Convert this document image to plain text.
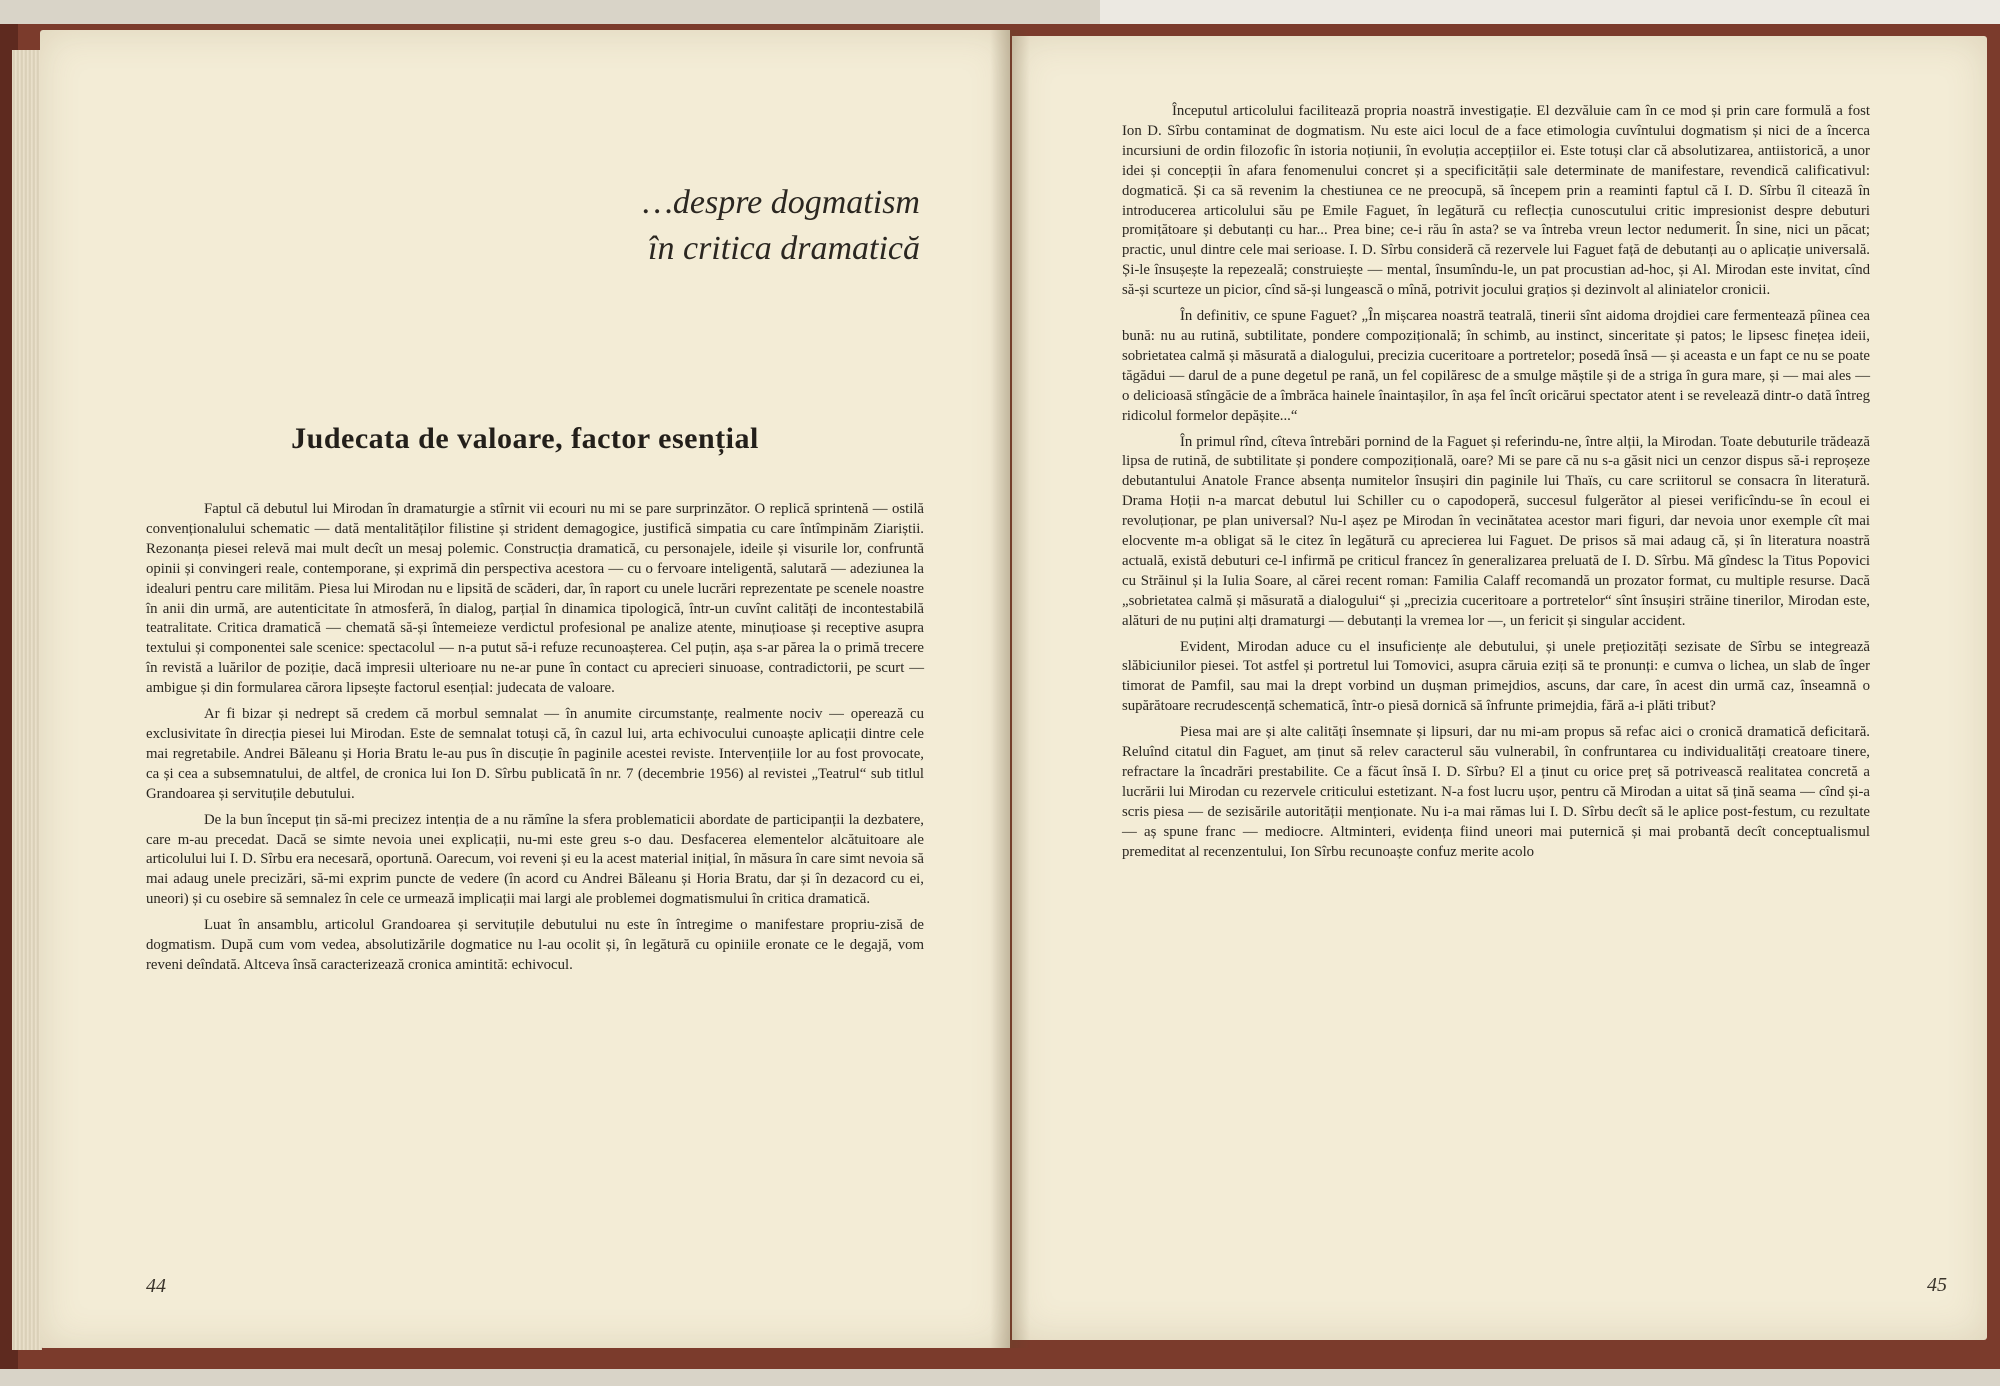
…despre dogmatism
în critica dramatică
Judecata de valoare, factor esențial

Faptul că debutul lui Mirodan în dramaturgie a stîrnit vii ecouri nu mi se pare surprinzător. O replică sprintenă — ostilă convenționalului schematic — dată mentalităților filistine și strident demagogice, justifică simpatia cu care întîmpinăm Ziariștii. Rezonanța piesei relevă mai mult decît un mesaj polemic. Construcția dramatică, cu personajele, ideile și visurile lor, confruntă opinii și convingeri reale, contemporane, și exprimă din perspectiva acestora — cu o fervoare inteligentă, salutară — adeziunea la idealuri pentru care militām. Piesa lui Mirodan nu e lipsită de scăderi, dar, în raport cu unele lucrări reprezentate pe scenele noastre în anii din urmă, are autenticitate în atmosferă, în dialog, parțial în dinamica tipologică, într-un cuvînt calități de incontestabilă teatralitate. Critica dramatică — chemată să-și întemeieze verdictul profesional pe analize atente, minuțioase și receptive asupra textului și componentei sale scenice: spectacolul — n-a putut să-i refuze recunoașterea. Cel puțin, așa s-ar părea la o primă trecere în revistă a luărilor de poziție, dacă impresii ulterioare nu ne-ar pune în contact cu aprecieri sinuoase, contradictorii, pe scurt — ambigue și din formularea cărora lipsește factorul esențial: judecata de valoare.

Ar fi bizar și nedrept să credem că morbul semnalat — în anumite circumstanțe, realmente nociv — operează cu exclusivitate în direcția piesei lui Mirodan. Este de semnalat totuși că, în cazul lui, arta echivocului cunoaște aplicații dintre cele mai regretabile. Andrei Băleanu și Horia Bratu le-au pus în discuție în paginile acestei reviste. Intervențiile lor au fost provocate, ca și cea a subsemnatului, de altfel, de cronica lui Ion D. Sîrbu publicată în nr. 7 (decembrie 1956) al revistei „Teatrul“ sub titlul Grandoarea și servituțile debutului.

De la bun început țin să-mi precizez intenția de a nu rămîne la sfera problematicii abordate de participanții la dezbatere, care m-au precedat. Dacă se simte nevoia unei explicații, nu-mi este greu s-o dau. Desfacerea elementelor alcătuitoare ale articolului lui I. D. Sîrbu era necesară, oportună. Oarecum, voi reveni și eu la acest material inițial, în măsura în care simt nevoia să mai adaug unele precizări, să-mi exprim puncte de vedere (în acord cu Andrei Băleanu și Horia Bratu, dar și în dezacord cu ei, uneori) și cu osebire să semnalez în cele ce urmează implicații mai largi ale problemei dogmatismului în critica dramatică.

Luat în ansamblu, articolul Grandoarea și servituțile debutului nu este în întregime o manifestare propriu-zisă de dogmatism. După cum vom vedea, absolutizările dogmatice nu l-au ocolit și, în legătură cu opiniile eronate ce le degajă, vom reveni deîndată. Altceva însă caracterizează cronica amintită: echivocul.

44

Începutul articolului facilitează propria noastră investigație. El dezvăluie cam în ce mod și prin care formulă a fost Ion D. Sîrbu contaminat de dogmatism. Nu este aici locul de a face etimologia cuvîntului dogmatism și nici de a încerca incursiuni de ordin filozofic în istoria noțiunii, în evoluția accepțiilor ei. Este totuși clar că absolutizarea, antiistorică, a unor idei și concepții în afara fenomenului concret și a specificității sale determinate de manifestare, revendică calificativul: dogmatică. Și ca să revenim la chestiunea ce ne preocupă, să începem prin a reaminti faptul că I. D. Sîrbu îl citează în introducerea articolului său pe Emile Faguet, în legătură cu reflecția cunoscutului critic impresionist despre debuturi promițătoare și debutanți cu har... Prea bine; ce-i rău în asta? se va întreba vreun lector nedumerit. În sine, nici un păcat; practic, unul dintre cele mai serioase. I. D. Sîrbu consideră că rezervele lui Faguet față de debutanți au o aplicație universală. Și-le însușește la repezeală; construiește — mental, însumîndu-le, un pat procustian ad-hoc, și Al. Mirodan este invitat, cînd să-și scurteze un picior, cînd să-și lungească o mînă, potrivit jocului grațios și dezinvolt al aliniatelor cronicii.

În definitiv, ce spune Faguet? „În mișcarea noastră teatrală, tinerii sînt aidoma drojdiei care fermentează pîinea cea bună: nu au rutină, subtilitate, pondere compozițională; în schimb, au instinct, sinceritate și patos; le lipsesc finețea ideii, sobrietatea calmă și măsurată a dialogului, precizia cuceritoare a portretelor; posedă însă — și aceasta e un fapt ce nu se poate tăgădui — darul de a pune degetul pe rană, un fel copilăresc de a smulge măștile și de a striga în gura mare, și — mai ales — o delicioasă stîngăcie de a îmbrăca hainele înaintașilor, în așa fel încît oricărui spectator atent i se revelează dintr-o dată întreg ridicolul formelor depășite...“

În primul rînd, cîteva întrebări pornind de la Faguet și referindu-ne, între alții, la Mirodan. Toate debuturile trădează lipsa de rutină, de subtilitate și pondere compozițională, oare? Mi se pare că nu s-a găsit nici un cenzor dispus să-i reproșeze debutantului Anatole France absența numitelor însușiri din paginile lui Thaïs, cu care scriitorul se consacra în literatură. Drama Hoții n-a marcat debutul lui Schiller cu o capodoperă, succesul fulgerător al piesei verificîndu-se în ecoul ei revoluționar, pe plan universal? Nu-l așez pe Mirodan în vecinătatea acestor mari figuri, dar nevoia unor exemple cît mai elocvente m-a obligat să le citez în legătură cu aprecierea lui Faguet. De prisos să mai adaug că, și în literatura noastră actuală, există debuturi ce-l infirmă pe criticul francez în generalizarea preluată de I. D. Sîrbu. Mă gîndesc la Titus Popovici cu Străinul și la Iulia Soare, al cărei recent roman: Familia Calaff recomandă un prozator format, cu multiple resurse. Dacă „sobrietatea calmă și măsurată a dialogului“ și „precizia cuceritoare a portretelor“ sînt însușiri străine tinerilor, Mirodan este, alături de nu puțini alți dramaturgi — debutanți la vremea lor —, un fericit și singular accident.

Evident, Mirodan aduce cu el insuficiențe ale debutului, și unele prețiozități sezisate de Sîrbu se integrează slăbiciunilor piesei. Tot astfel și portretul lui Tomovici, asupra căruia eziți să te pronunți: e cumva o lichea, un slab de înger timorat de Pamfil, sau mai la drept vorbind un dușman primejdios, ascuns, dar care, în acest din urmă caz, înseamnă o supărătoare recrudescență schematică, într-o piesă dornică să înfrunte primejdia, fără a-i plăti tribut?

Piesa mai are și alte calități însemnate și lipsuri, dar nu mi-am propus să refac aici o cronică dramatică deficitară. Reluînd citatul din Faguet, am ținut să relev caracterul său vulnerabil, în confruntarea cu individualități creatoare tinere, refractare la încadrări prestabilite. Ce a făcut însă I. D. Sîrbu? El a ținut cu orice preț să potrivească realitatea concretă a lucrării lui Mirodan cu rezervele criticului estetizant. N-a fost lucru ușor, pentru că Mirodan a uitat să țină seama — cînd și-a scris piesa — de sezisările autorității menționate. Nu i-a mai rămas lui I. D. Sîrbu decît să le aplice post-festum, cu rezultate — aș spune franc — mediocre. Altminteri, evidența fiind uneori mai puternică și mai probantă decît conceptualismul premeditat al recenzentului, Ion Sîrbu recunoaște confuz merite acolo

45
